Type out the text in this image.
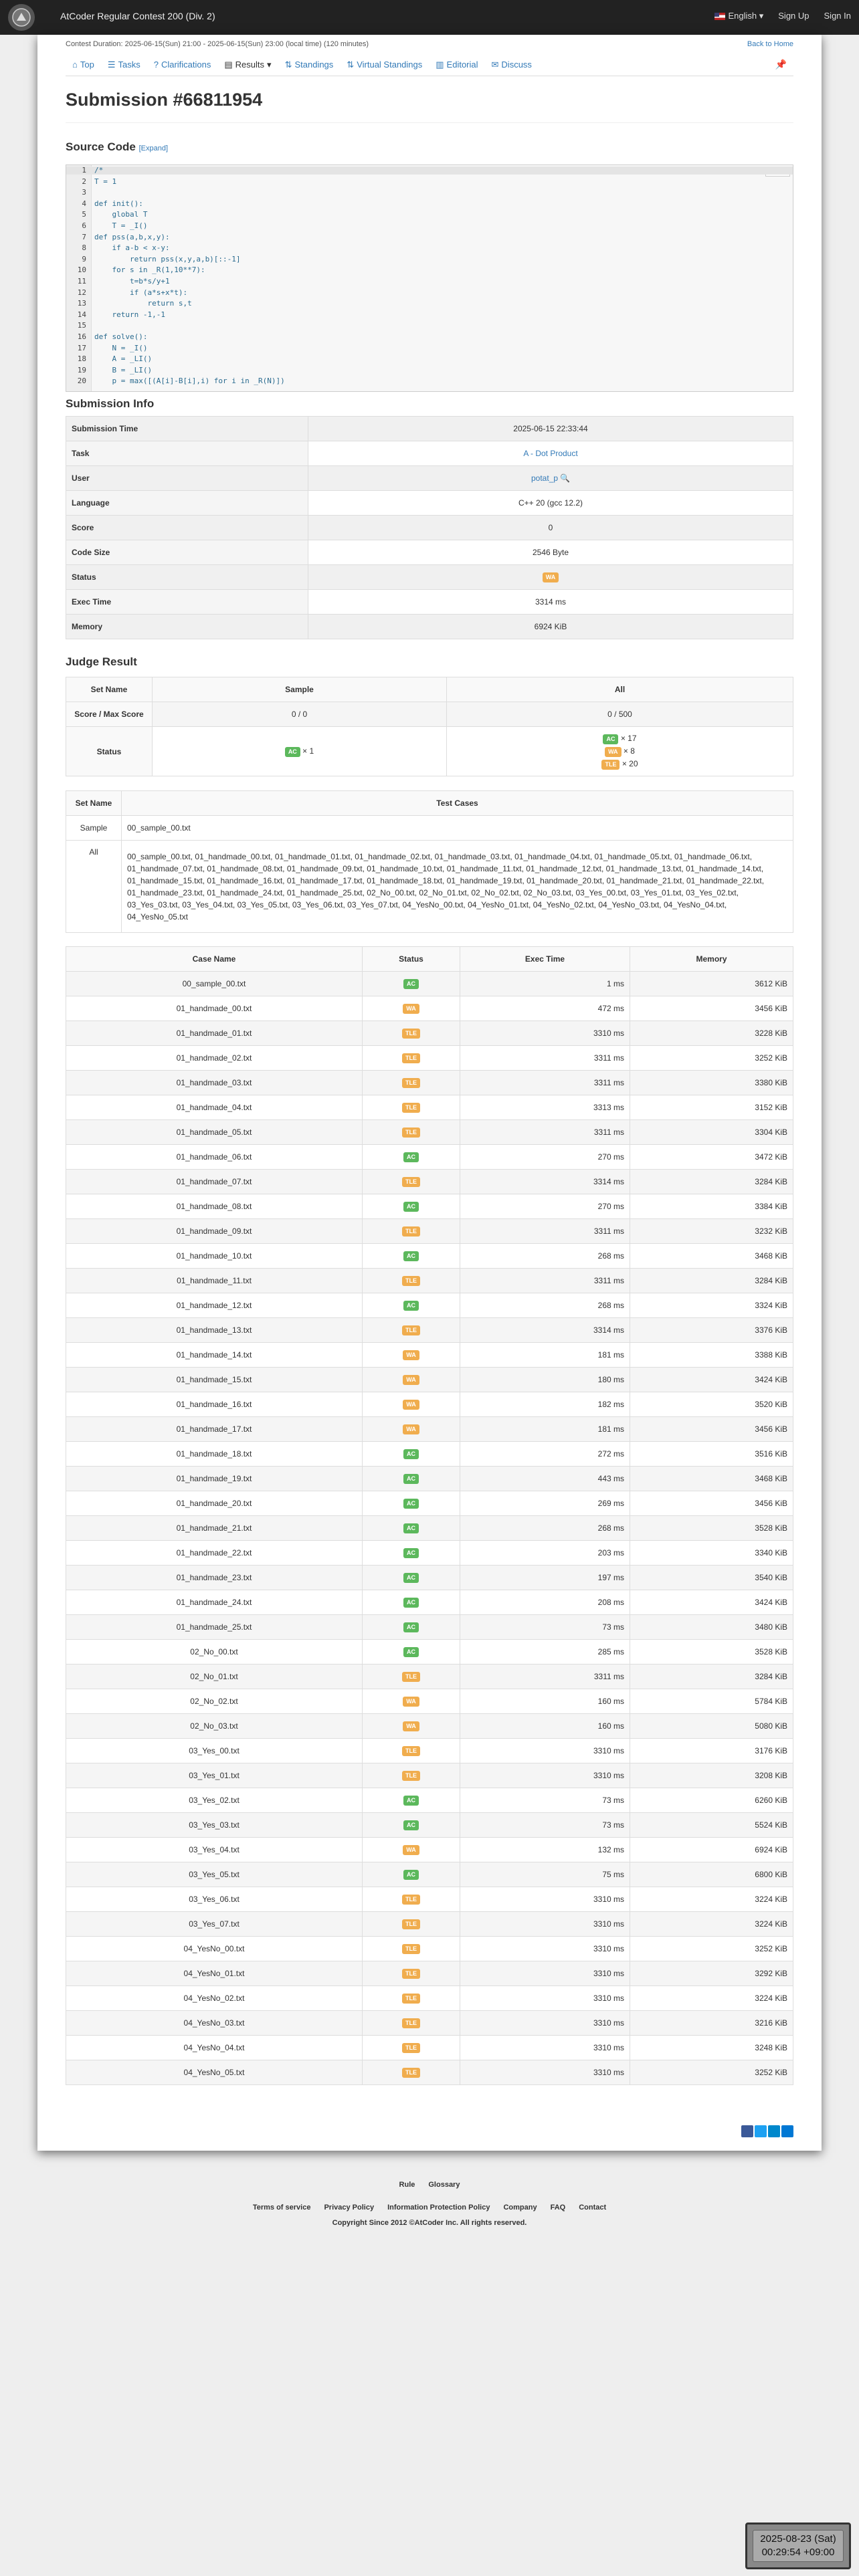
AtCoder Regular Contest 200 (Div. 2)	English ▾ Sign Up Sign In
Contest Duration: 2025-06-15(Sun) 21:00 - 2025-06-15(Sun) 23:00 (local time) (120 minutes)	Back to Home
⌂ Top ☰ Tasks ? Clarifications ▤ Results ▾	⇅ Standings ⇅ Virtual Standings ▥ Editorial ✉ Discuss	📌
Submission #66811954
Source Code [Expand]
1 /*
2 T = 1
3
4 def init():
5    global T
6    T = _I()
7 def pss(a,b,x,y):
8    if a-b < x-y:
9        return pss(x,y,a,b)[::-1]
10    for s in _R(1,10**7):
11        t=b*s/y+1
12        if (a*s+x*t):
13            return s,t
14    return -1,-1
15
16 def solve():
17    N = _I()
18    A = _LI()
19    B = _LI()
20    p = max([(A[i]-B[i],i) for i in _R(N)])
Submission Info
Submission Time	2025-06-15 22:33:44
Task	A - Dot Product
User	potat_p 🔍
Language	C++ 20 (gcc 12.2)
Score	0
Code Size	2546 Byte
Status	WA
Exec Time	3314 ms
Memory	6924 KiB
Judge Result
Set Name	Sample	All
Score / Max Score	0 / 0	0 / 500
Status	AC × 1	AC × 17
WA × 8
TLE × 20
Set Name	Test Cases
Sample	00_sample_00.txt
All	00_sample_00.txt, 01_handmade_00.txt, 01_handmade_01.txt, 01_handmade_02.txt, 01_handmade_03.txt, 01_handmade_04.txt, 01_handmade_05.txt, 01_handmade_06.txt, 01_handmade_07.txt, 01_handmade_08.txt, 01_handmade_09.txt, 01_handmade_10.txt, 01_handmade_11.txt, 01_handmade_12.txt, 01_handmade_13.txt, 01_handmade_14.txt, 01_handmade_15.txt, 01_handmade_16.txt, 01_handmade_17.txt, 01_handmade_18.txt, 01_handmade_19.txt, 01_handmade_20.txt, 01_handmade_21.txt, 01_handmade_22.txt, 01_handmade_23.txt, 01_handmade_24.txt, 01_handmade_25.txt, 02_No_00.txt, 02_No_01.txt, 02_No_02.txt, 02_No_03.txt, 03_Yes_00.txt, 03_Yes_01.txt, 03_Yes_02.txt, 03_Yes_03.txt, 03_Yes_04.txt, 03_Yes_05.txt, 03_Yes_06.txt, 03_Yes_07.txt, 04_YesNo_00.txt, 04_YesNo_01.txt, 04_YesNo_02.txt, 04_YesNo_03.txt, 04_YesNo_04.txt, 04_YesNo_05.txt
Case Name	Status	Exec Time	Memory
00_sample_00.txt	AC	1 ms	3612 KiB
01_handmade_00.txt	WA	472 ms	3456 KiB
01_handmade_01.txt	TLE	3310 ms	3228 KiB
01_handmade_02.txt	TLE	3311 ms	3252 KiB
01_handmade_03.txt	TLE	3311 ms	3380 KiB
01_handmade_04.txt	TLE	3313 ms	3152 KiB
01_handmade_05.txt	TLE	3311 ms	3304 KiB
01_handmade_06.txt	AC	270 ms	3472 KiB
01_handmade_07.txt	TLE	3314 ms	3284 KiB
01_handmade_08.txt	AC	270 ms	3384 KiB
01_handmade_09.txt	TLE	3311 ms	3232 KiB
01_handmade_10.txt	AC	268 ms	3468 KiB
01_handmade_11.txt	TLE	3311 ms	3284 KiB
01_handmade_12.txt	AC	268 ms	3324 KiB
01_handmade_13.txt	TLE	3314 ms	3376 KiB
01_handmade_14.txt	WA	181 ms	3388 KiB
01_handmade_15.txt	WA	180 ms	3424 KiB
01_handmade_16.txt	WA	182 ms	3520 KiB
01_handmade_17.txt	WA	181 ms	3456 KiB
01_handmade_18.txt	AC	272 ms	3516 KiB
01_handmade_19.txt	AC	443 ms	3468 KiB
01_handmade_20.txt	AC	269 ms	3456 KiB
01_handmade_21.txt	AC	268 ms	3528 KiB
01_handmade_22.txt	AC	203 ms	3340 KiB
01_handmade_23.txt	AC	197 ms	3540 KiB
01_handmade_24.txt	AC	208 ms	3424 KiB
01_handmade_25.txt	AC	73 ms	3480 KiB
02_No_00.txt	AC	285 ms	3528 KiB
02_No_01.txt	TLE	3311 ms	3284 KiB
02_No_02.txt	WA	160 ms	5784 KiB
02_No_03.txt	WA	160 ms	5080 KiB
03_Yes_00.txt	TLE	3310 ms	3176 KiB
03_Yes_01.txt	TLE	3310 ms	3208 KiB
03_Yes_02.txt	AC	73 ms	6260 KiB
03_Yes_03.txt	AC	73 ms	5524 KiB
03_Yes_04.txt	WA	132 ms	6924 KiB
03_Yes_05.txt	AC	75 ms	6800 KiB
03_Yes_06.txt	TLE	3310 ms	3224 KiB
03_Yes_07.txt	TLE	3310 ms	3224 KiB
04_YesNo_00.txt	TLE	3310 ms	3252 KiB
04_YesNo_01.txt	TLE	3310 ms	3292 KiB
04_YesNo_02.txt	TLE	3310 ms	3224 KiB
04_YesNo_03.txt	TLE	3310 ms	3216 KiB
04_YesNo_04.txt	TLE	3310 ms	3248 KiB
04_YesNo_05.txt	TLE	3310 ms	3252 KiB
Rule Glossary
Terms of service Privacy Policy Information Protection Policy Company FAQ Contact
Copyright Since 2012 ©AtCoder Inc. All rights reserved.
2025-08-23 (Sat)
00:29:54 +09:00
